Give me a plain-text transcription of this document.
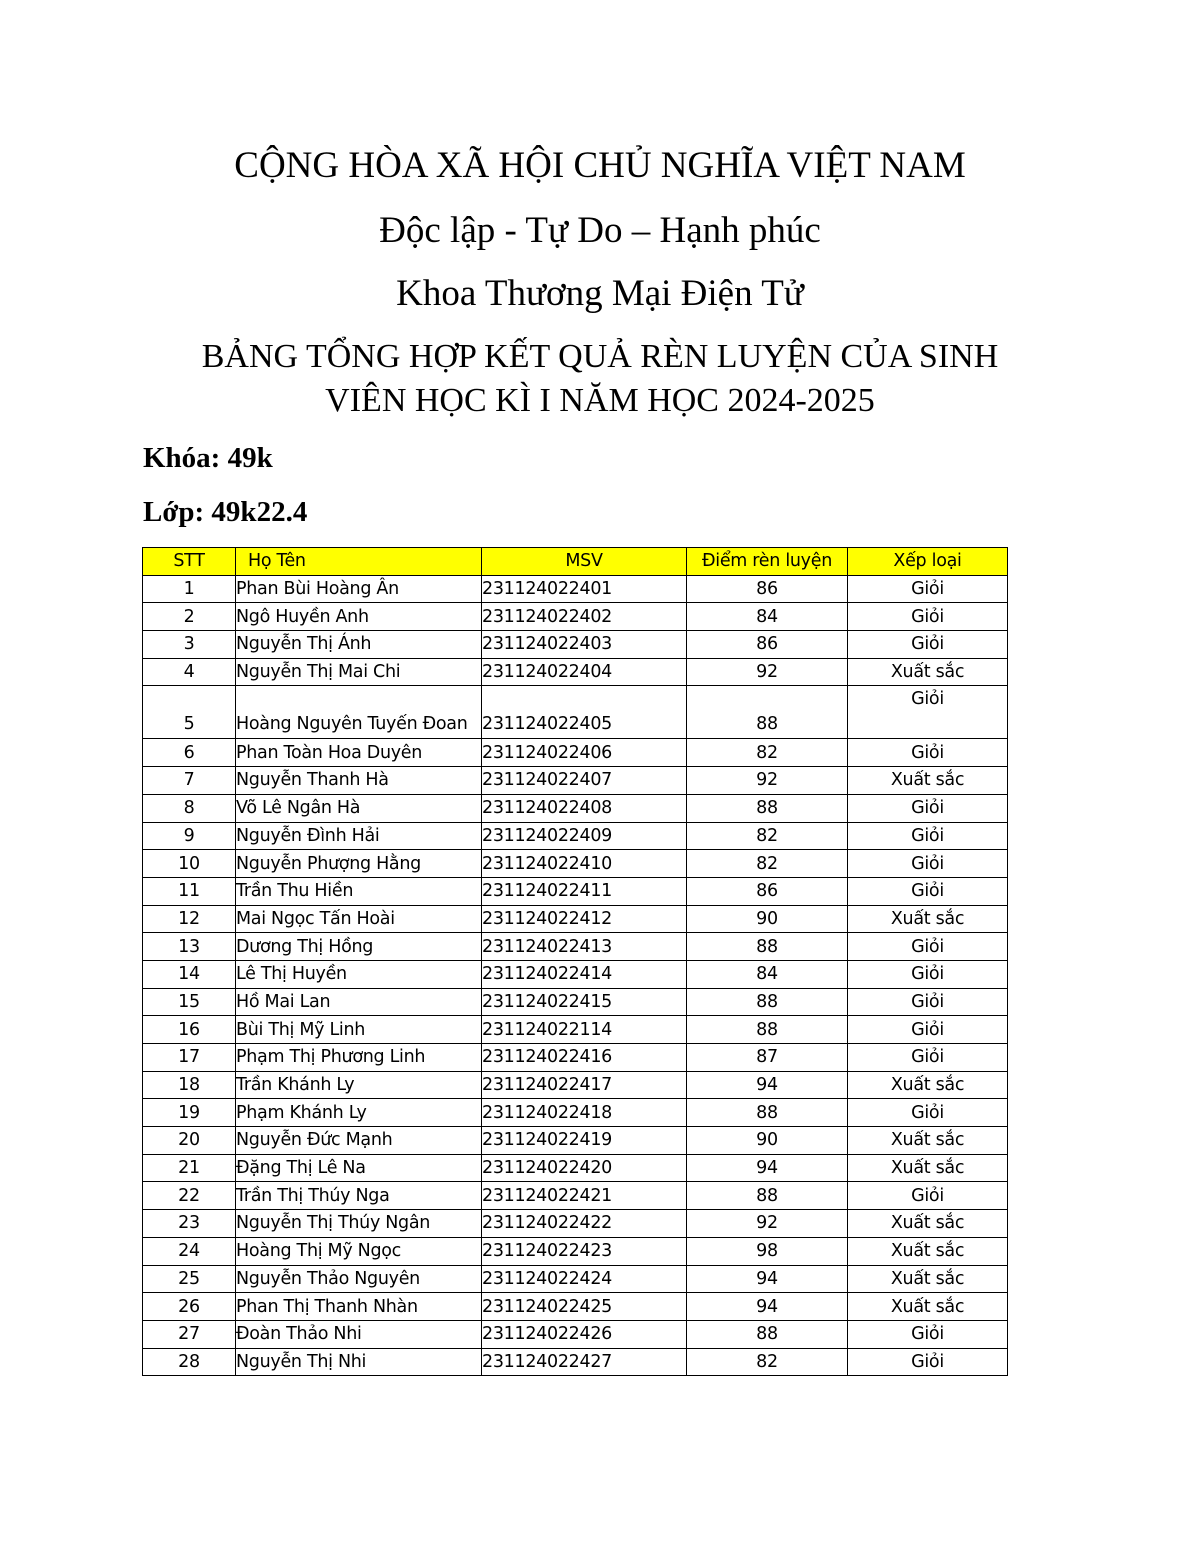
CỘNG HÒA XÃ HỘI CHỦ NGHĨA VIỆT NAM
Độc lập - Tự Do – Hạnh phúc
Khoa Thương Mại Điện Tử
BẢNG TỔNG HỢP KẾT QUẢ RÈN LUYỆN CỦA SINH
VIÊN HỌC KÌ I NĂM HỌC 2024-2025
Khóa: 49k
Lớp: 49k22.4
STT	Họ Tên	MSV	Điểm rèn luyện	Xếp loại
1	Phan Bùi Hoàng Ân	231124022401	86	Giỏi
2	Ngô Huyền Anh	231124022402	84	Giỏi
3	Nguyễn Thị Ánh	231124022403	86	Giỏi
4	Nguyễn Thị Mai Chi	231124022404	92	Xuất sắc
5	Hoàng Nguyên Tuyến Đoan	231124022405	88	Giỏi
6	Phan Toàn Hoa Duyên	231124022406	82	Giỏi
7	Nguyễn Thanh Hà	231124022407	92	Xuất sắc
8	Võ Lê Ngân Hà	231124022408	88	Giỏi
9	Nguyễn Đình Hải	231124022409	82	Giỏi
10	Nguyễn Phượng Hằng	231124022410	82	Giỏi
11	Trần Thu Hiền	231124022411	86	Giỏi
12	Mai Ngọc Tấn Hoài	231124022412	90	Xuất sắc
13	Dương Thị Hồng	231124022413	88	Giỏi
14	Lê Thị Huyền	231124022414	84	Giỏi
15	Hồ Mai Lan	231124022415	88	Giỏi
16	Bùi Thị Mỹ Linh	231124022114	88	Giỏi
17	Phạm Thị Phương Linh	231124022416	87	Giỏi
18	Trần Khánh Ly	231124022417	94	Xuất sắc
19	Phạm Khánh Ly	231124022418	88	Giỏi
20	Nguyễn Đức Mạnh	231124022419	90	Xuất sắc
21	Đặng Thị Lê Na	231124022420	94	Xuất sắc
22	Trần Thị Thúy Nga	231124022421	88	Giỏi
23	Nguyễn Thị Thúy Ngân	231124022422	92	Xuất sắc
24	Hoàng Thị Mỹ Ngọc	231124022423	98	Xuất sắc
25	Nguyễn Thảo Nguyên	231124022424	94	Xuất sắc
26	Phan Thị Thanh Nhàn	231124022425	94	Xuất sắc
27	Đoàn Thảo Nhi	231124022426	88	Giỏi
28	Nguyễn Thị Nhi	231124022427	82	Giỏi
